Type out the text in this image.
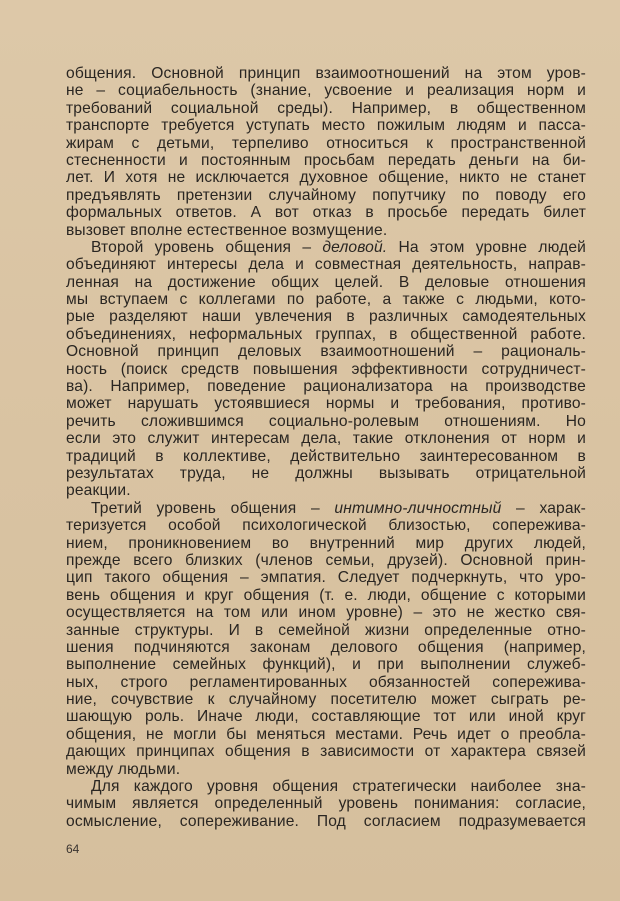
общения. Основной принцип взаимоотношений на этом уров-
не – социабельность (знание, усвоение и реализация норм и
требований социальной среды). Например, в общественном
транспорте требуется уступать место пожилым людям и пасса-
жирам с детьми, терпеливо относиться к пространственной
стесненности и постоянным просьбам передать деньги на би-
лет. И хотя не исключается духовное общение, никто не станет
предъявлять претензии случайному попутчику по поводу его
формальных ответов. А вот отказ в просьбе передать билет
вызовет вполне естественное возмущение.
Второй уровень общения – деловой. На этом уровне людей
объединяют интересы дела и совместная деятельность, направ-
ленная на достижение общих целей. В деловые отношения
мы вступаем с коллегами по работе, а также с людьми, кото-
рые разделяют наши увлечения в различных самодеятельных
объединениях, неформальных группах, в общественной работе.
Основной принцип деловых взаимоотношений – рациональ-
ность (поиск средств повышения эффективности сотрудничест-
ва). Например, поведение рационализатора на производстве
может нарушать устоявшиеся нормы и требования, противо-
речить сложившимся социально-ролевым отношениям. Но
если это служит интересам дела, такие отклонения от норм и
традиций в коллективе, действительно заинтересованном в
результатах труда, не должны вызывать отрицательной
реакции.
Третий уровень общения – интимно-личностный – харак-
теризуется особой психологической близостью, сопережива-
нием, проникновением во внутренний мир других людей,
прежде всего близких (членов семьи, друзей). Основной прин-
цип такого общения – эмпатия. Следует подчеркнуть, что уро-
вень общения и круг общения (т. е. люди, общение с которыми
осуществляется на том или ином уровне) – это не жестко свя-
занные структуры. И в семейной жизни определенные отно-
шения подчиняются законам делового общения (например,
выполнение семейных функций), и при выполнении служеб-
ных, строго регламентированных обязанностей сопережива-
ние, сочувствие к случайному посетителю может сыграть ре-
шающую роль. Иначе люди, составляющие тот или иной круг
общения, не могли бы меняться местами. Речь идет о преобла-
дающих принципах общения в зависимости от характера связей
между людьми.
Для каждого уровня общения стратегически наиболее зна-
чимым является определенный уровень понимания: согласие,
осмысление, сопереживание. Под согласием подразумевается
64
